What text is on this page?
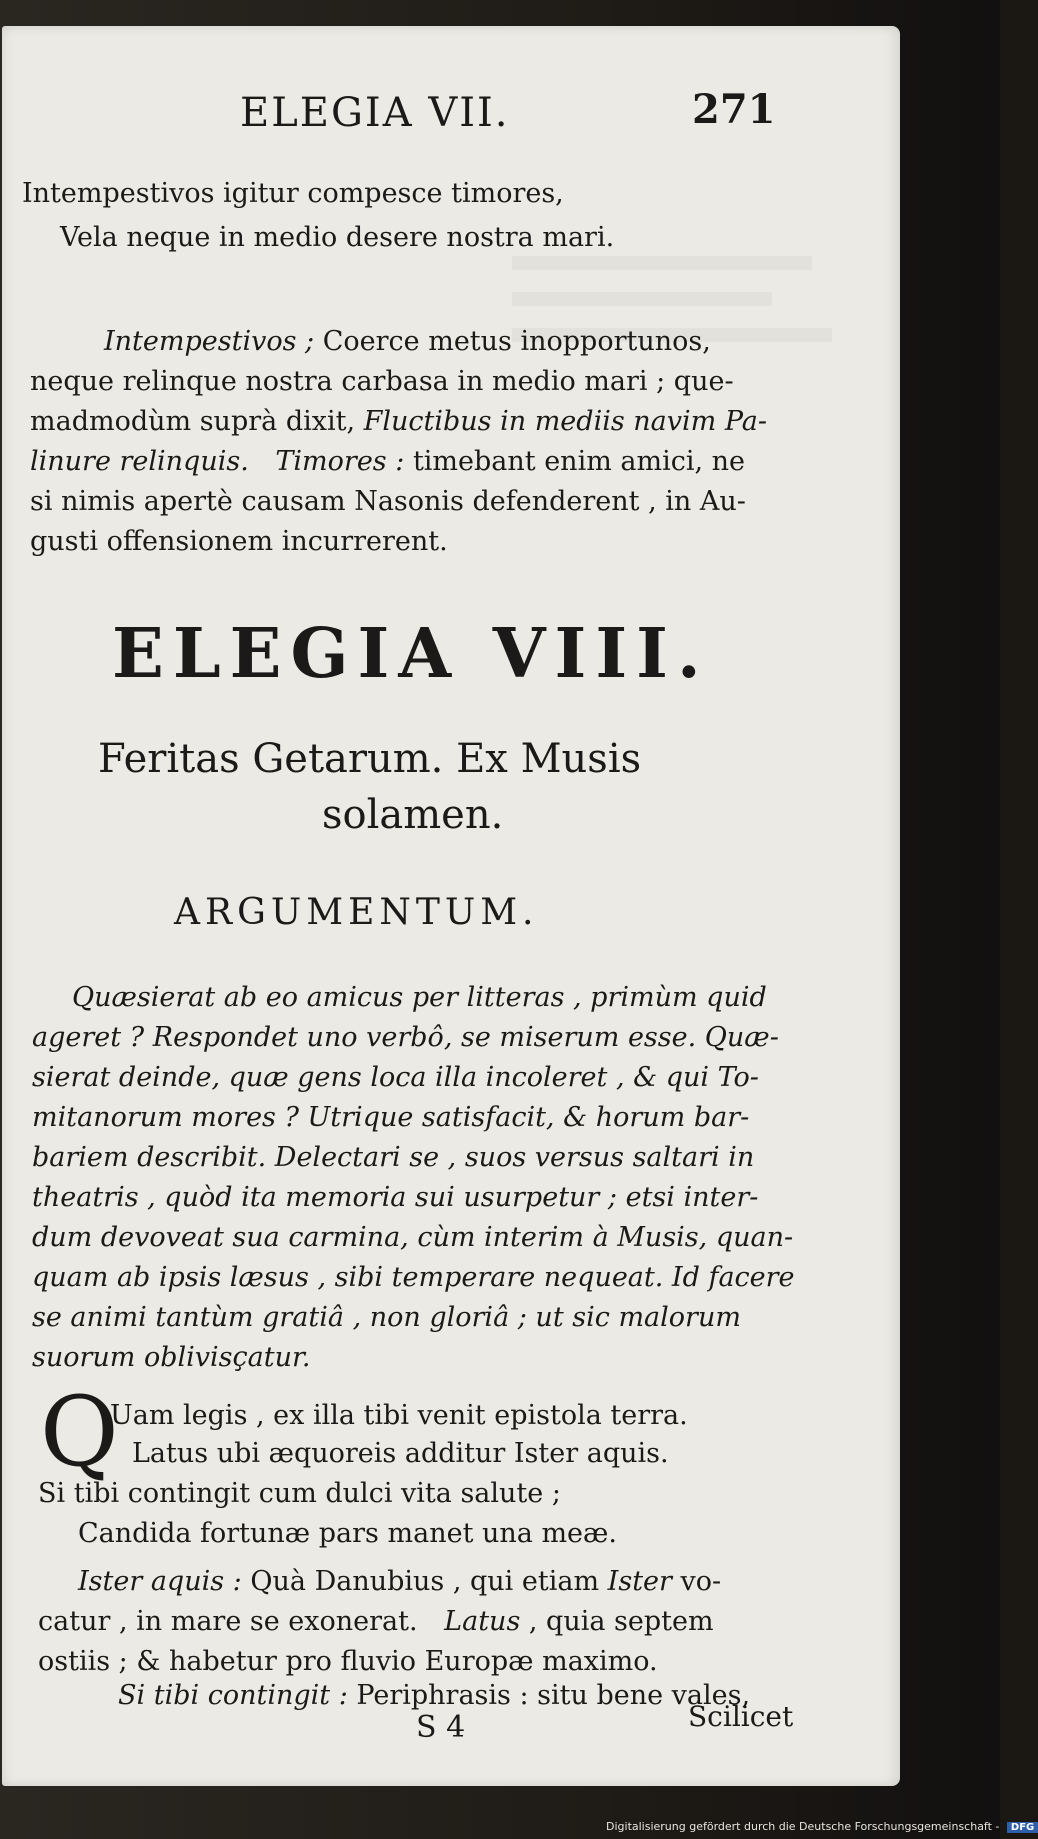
ELEGIA VII.	271
Intempestivos igitur compesce timores,
Vela neque in medio desere nostra mari.
Intempestivos ; Coerce metus inopportunos,
neque relinque nostra carbasa in medio mari ; que-
madmodùm suprà dixit, Fluctibus in mediis navim Pa-
linure relinquis. Timores : timebant enim amici, ne
si nimis apertè causam Nasonis defenderent , in Au-
gusti offensionem incurrerent.
ELEGIA VIII.
Feritas Getarum. Ex Musis
solamen.
ARGUMENTUM.
Quæsierat ab eo amicus per litteras , primùm quid
ageret ? Respondet uno verbô, se miserum esse. Quæ-
sierat deinde, quæ gens loca illa incoleret , & qui To-
mitanorum mores ? Utrique satisfacit, & horum bar-
bariem describit. Delectari se , suos versus saltari in
theatris , quòd ita memoria sui usurpetur ; etsi inter-
dum devoveat sua carmina, cùm interim à Musis, quan-
quam ab ipsis læsus , sibi temperare nequeat. Id facere
se animi tantùm gratiâ , non gloriâ ; ut sic malorum
suorum oblivisçatur.
Q
Uam legis , ex illa tibi venit epistola terra.
Latus ubi æquoreis additur Ister aquis.
Si tibi contingit cum dulci vita salute ;
Candida fortunæ pars manet una meæ.
Ister aquis : Quà Danubius , qui etiam Ister vo-
catur , in mare se exonerat. Latus , quia septem
ostiis ; & habetur pro fluvio Europæ maximo.
Si tibi contingit : Periphrasis : situ bene vales,
S 4	Scilicet
Digitalisierung gefördert durch die Deutsche Forschungsgemeinschaft - DFG
